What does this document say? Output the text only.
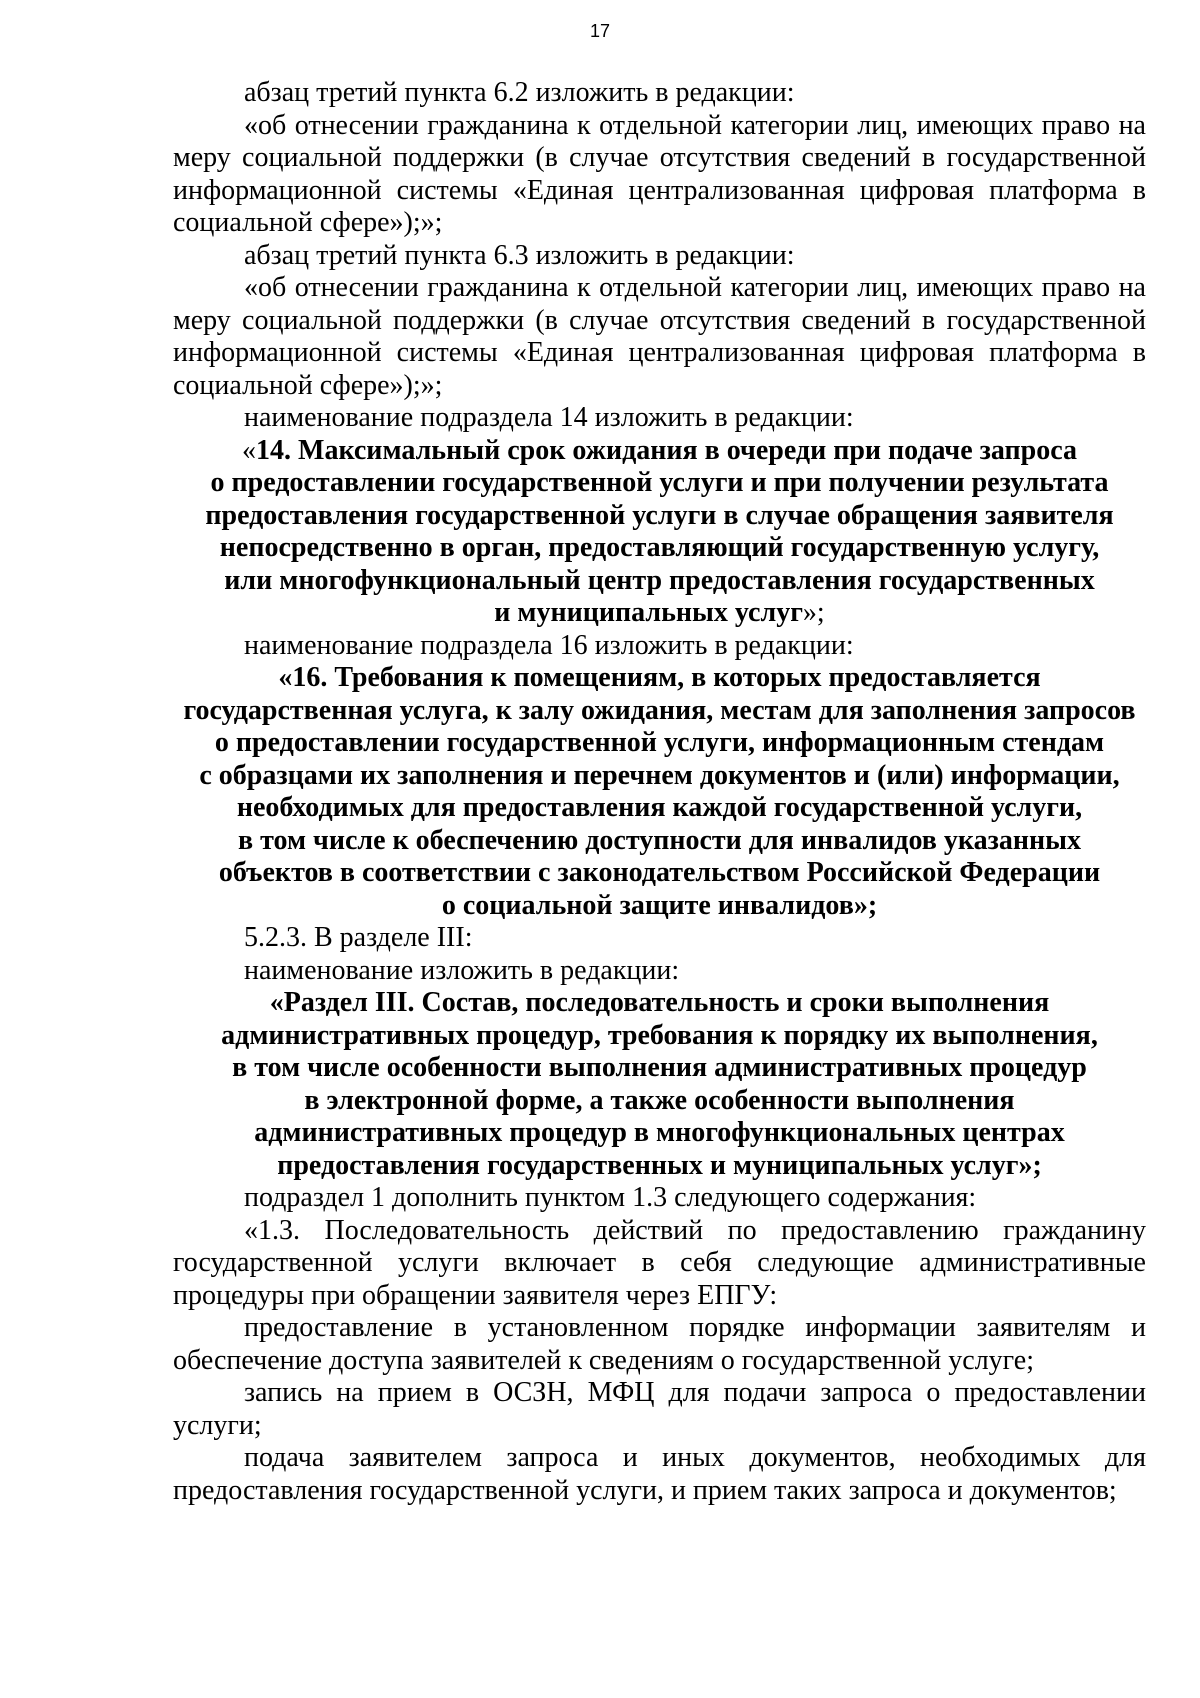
17

абзац третий пункта 6.2 изложить в редакции:

«об отнесении гражданина к отдельной категории лиц, имеющих право на меру социальной поддержки (в случае отсутствия сведений в государственной информационной системы «Единая централизованная цифровая платформа в социальной сфере»);»;

абзац третий пункта 6.3 изложить в редакции:

«об отнесении гражданина к отдельной категории лиц, имеющих право на меру социальной поддержки (в случае отсутствия сведений в государственной информационной системы «Единая централизованная цифровая платформа в социальной сфере»);»;

наименование подраздела 14 изложить в редакции:

«14. Максимальный срок ожидания в очереди при подаче запроса
о предоставлении государственной услуги и при получении результата
предоставления государственной услуги в случае обращения заявителя
непосредственно в орган, предоставляющий государственную услугу,
или многофункциональный центр предоставления государственных
и муниципальных услуг»;

наименование подраздела 16 изложить в редакции:

«16. Требования к помещениям, в которых предоставляется
государственная услуга, к залу ожидания, местам для заполнения запросов
о предоставлении государственной услуги, информационным стендам
с образцами их заполнения и перечнем документов и (или) информации,
необходимых для предоставления каждой государственной услуги,
в том числе к обеспечению доступности для инвалидов указанных
объектов в соответствии с законодательством Российской Федерации
о социальной защите инвалидов»;

5.2.3. В разделе III:

наименование изложить в редакции:

«Раздел III. Состав, последовательность и сроки выполнения
административных процедур, требования к порядку их выполнения,
в том числе особенности выполнения административных процедур
в электронной форме, а также особенности выполнения
административных процедур в многофункциональных центрах
предоставления государственных и муниципальных услуг»;

подраздел 1 дополнить пунктом 1.3 следующего содержания:

«1.3. Последовательность действий по предоставлению гражданину государственной услуги включает в себя следующие административные процедуры при обращении заявителя через ЕПГУ:

предоставление в установленном порядке информации заявителям и обеспечение доступа заявителей к сведениям о государственной услуге;

запись на прием в ОСЗН, МФЦ для подачи запроса о предоставлении услуги;

подача заявителем запроса и иных документов, необходимых для предоставления государственной услуги, и прием таких запроса и документов;
